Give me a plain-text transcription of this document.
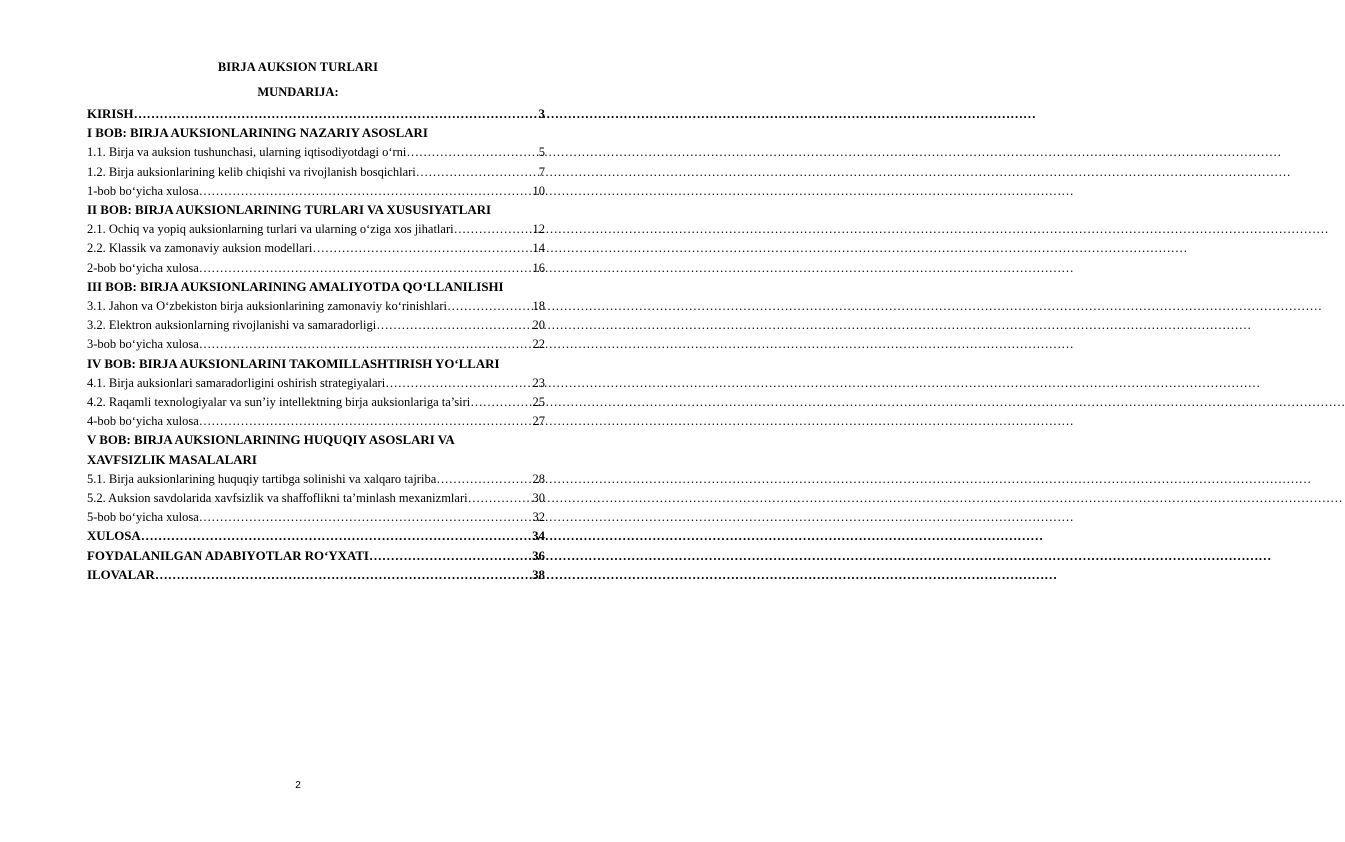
BIRJA AUKSION TURLARI
MUNDARIJA:
KIRISH …………………………………………………………………………………………………………………………………………………………………………………………	3
I BOB: BIRJA AUKSIONLARINING NAZARIY ASOSLARI
1.1. Birja va auksion tushunchasi, ularning iqtisodiyotdagi o‘rni …………………………………………………………………………………………………………………………………………………………………………………………	5
1.2. Birja auksionlarining kelib chiqishi va rivojlanish bosqichlari …………………………………………………………………………………………………………………………………………………………………………………………	7
1-bob bo‘yicha xulosa …………………………………………………………………………………………………………………………………………………………………………………………	10
II BOB: BIRJA AUKSIONLARINING TURLARI VA XUSUSIYATLARI
2.1. Ochiq va yopiq auksionlarning turlari va ularning o‘ziga xos jihatlari …………………………………………………………………………………………………………………………………………………………………………………………	12
2.2. Klassik va zamonaviy auksion modellari …………………………………………………………………………………………………………………………………………………………………………………………	14
2-bob bo‘yicha xulosa …………………………………………………………………………………………………………………………………………………………………………………………	16
III BOB: BIRJA AUKSIONLARINING AMALIYOTDA QO‘LLANILISHI
3.1. Jahon va O‘zbekiston birja auksionlarining zamonaviy ko‘rinishlari …………………………………………………………………………………………………………………………………………………………………………………………	18
3.2. Elektron auksionlarning rivojlanishi va samaradorligi …………………………………………………………………………………………………………………………………………………………………………………………	20
3-bob bo‘yicha xulosa …………………………………………………………………………………………………………………………………………………………………………………………	22
IV BOB: BIRJA AUKSIONLARINI TAKOMILLASHTIRISH YO‘LLARI
4.1. Birja auksionlari samaradorligini oshirish strategiyalari …………………………………………………………………………………………………………………………………………………………………………………………	23
4.2. Raqamli texnologiyalar va sun’iy intellektning birja auksionlariga ta’siri …………………………………………………………………………………………………………………………………………………………………………………………	25
4-bob bo‘yicha xulosa …………………………………………………………………………………………………………………………………………………………………………………………	27
V BOB: BIRJA AUKSIONLARINING HUQUQIY ASOSLARI VA XAVFSIZLIK MASALALARI
5.1. Birja auksionlarining huquqiy tartibga solinishi va xalqaro tajriba …………………………………………………………………………………………………………………………………………………………………………………………	28
5.2. Auksion savdolarida xavfsizlik va shaffoflikni ta’minlash mexanizmlari …………………………………………………………………………………………………………………………………………………………………………………………	30
5-bob bo‘yicha xulosa …………………………………………………………………………………………………………………………………………………………………………………………	32
XULOSA …………………………………………………………………………………………………………………………………………………………………………………………	34
FOYDALANILGAN ADABIYOTLAR RO‘YXATI …………………………………………………………………………………………………………………………………………………………………………………………	36
ILOVALAR …………………………………………………………………………………………………………………………………………………………………………………………	38

2
